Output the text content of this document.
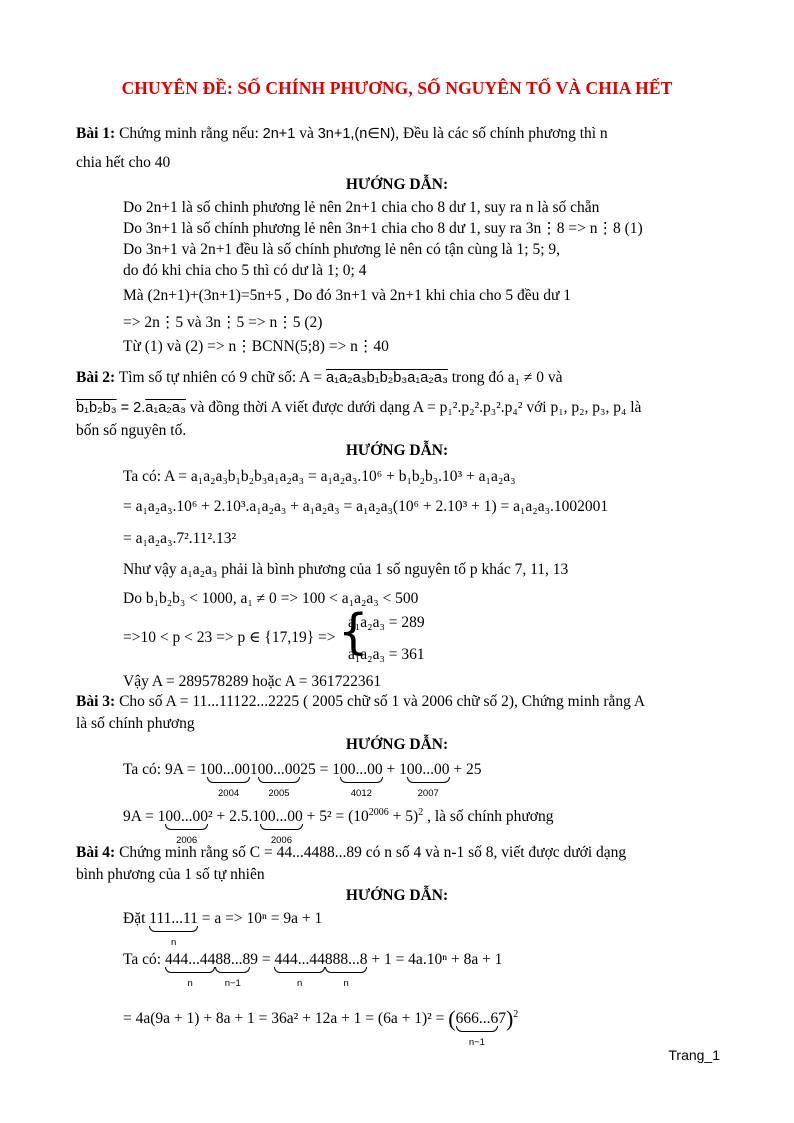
CHUYÊN ĐỀ: SỐ CHÍNH PHƯƠNG, SỐ NGUYÊN TỐ VÀ CHIA HẾT
Bài 1: Chứng minh rằng nếu: 2n+1 và 3n+1,(n∈N), Đều là các số chính phương thì n
chia hết cho 40
HƯỚNG DẪN:
Do 2n+1 là số chinh phương lẻ nên 2n+1 chia cho 8 dư 1, suy ra n là số chẵn
Do 3n+1 là số chính phương lẻ nên 3n+1 chia cho 8 dư 1, suy ra 3n⋮8 => n⋮8 (1)
Do 3n+1 và 2n+1 đều là số chính phương lẻ nên có tận cùng là 1; 5; 9,
do đó khi chia cho 5 thì có dư là 1; 0; 4
Mà (2n+1)+(3n+1)=5n+5 , Do đó 3n+1 và 2n+1 khi chia cho 5 đều dư 1
=> 2n⋮5 và 3n⋮5 => n⋮5 (2)
Từ (1) và (2) => n⋮BCNN(5;8) => n⋮40
Bài 2: Tìm số tự nhiên có 9 chữ số: A = a₁a₂a₃b₁b₂b₃a₁a₂a₃ trong đó a₁ ≠ 0 và
b₁b₂b₃ = 2.a₁a₂a₃ và đồng thời A viết được dưới dạng A = p₁².p₂².p₃².p₄² với p₁, p₂, p₃, p₄ là
bốn số nguyên tố.
HƯỚNG DẪN:
Ta có: A = a₁a₂a₃b₁b₂b₃a₁a₂a₃ = a₁a₂a₃.10⁶ + b₁b₂b₃.10³ + a₁a₂a₃
= a₁a₂a₃.10⁶ + 2.10³.a₁a₂a₃ + a₁a₂a₃ = a₁a₂a₃(10⁶ + 2.10³ + 1) = a₁a₂a₃.1002001
= a₁a₂a₃.7².11².13²
Như vậy a₁a₂a₃ phải là bình phương của 1 số nguyên tố p khác 7, 11, 13
Do b₁b₂b₃ < 1000, a₁ ≠ 0 => 100 < a₁a₂a₃ < 500
=>10 < p < 23 => p ∈ {17,19} => {
a₁a₂a₃ = 289
a₁a₂a₃ = 361
Vậy A = 289578289 hoặc A = 361722361
Bài 3: Cho số A = 11...11122...2225 ( 2005 chữ số 1 và 2006 chữ số 2), Chứng minh rằng A
là số chính phương
HƯỚNG DẪN:
Ta có: 9A = 100...00
2004
100...00
2005
25 = 100...00
4012
+ 100...00
2007
+ 25
9A = 100...00
2006
² + 2.5.100...00
2006
+ $5^2 = (10^{2006} + 5)^2$ , là số chính phương
Bài 4: Chứng minh rằng số C = 44...4488...89 có n số 4 và n-1 số 8, viết được dưới dạng
bình phương của 1 số tự nhiên
HƯỚNG DẪN:
Đặt 111...11
n
= a => 10ⁿ = 9a + 1
Ta có: 444...44
n
88...8
n−1
9 = 444...44
n
888...8
n
+ 1 = 4a.10ⁿ + 8a + 1
= 4a(9a + 1) + 8a + 1 = 36a² + 12a + 1 = (6a + 1)² = (666...6
n−1
7)$^2$
Trang_1
